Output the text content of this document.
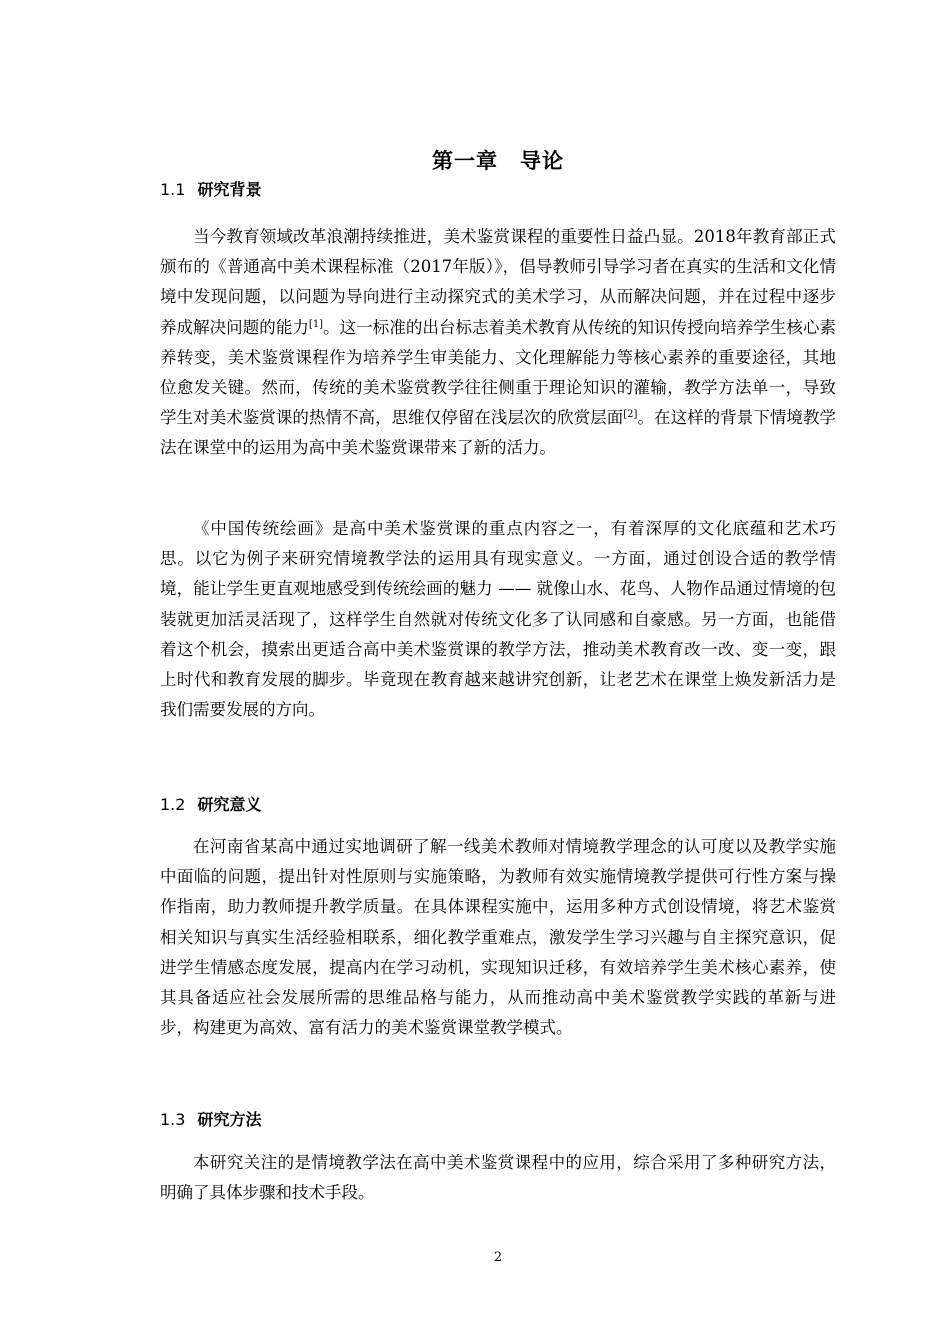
第一章　导论
1.1 研究背景

当今教育领域改革浪潮持续推进，美术鉴赏课程的重要性日益凸显。2018年教育部正式颁布的《普通高中美术课程标准（2017年版）》，倡导教师引导学习者在真实的生活和文化情境中发现问题，以问题为导向进行主动探究式的美术学习，从而解决问题，并在过程中逐步养成解决问题的能力[1]。这一标准的出台标志着美术教育从传统的知识传授向培养学生核心素养转变，美术鉴赏课程作为培养学生审美能力、文化理解能力等核心素养的重要途径，其地位愈发关键。然而，传统的美术鉴赏教学往往侧重于理论知识的灌输，教学方法单一，导致学生对美术鉴赏课的热情不高，思维仅停留在浅层次的欣赏层面[2]。在这样的背景下情境教学法在课堂中的运用为高中美术鉴赏课带来了新的活力。

《中国传统绘画》是高中美术鉴赏课的重点内容之一，有着深厚的文化底蕴和艺术巧思。以它为例子来研究情境教学法的运用具有现实意义。一方面，通过创设合适的教学情境，能让学生更直观地感受到传统绘画的魅力 —— 就像山水、花鸟、人物作品通过情境的包装就更加活灵活现了，这样学生自然就对传统文化多了认同感和自豪感。另一方面，也能借着这个机会，摸索出更适合高中美术鉴赏课的教学方法，推动美术教育改一改、变一变，跟上时代和教育发展的脚步。毕竟现在教育越来越讲究创新，让老艺术在课堂上焕发新活力是我们需要发展的方向。

1.2 研究意义

在河南省某高中通过实地调研了解一线美术教师对情境教学理念的认可度以及教学实施中面临的问题，提出针对性原则与实施策略，为教师有效实施情境教学提供可行性方案与操作指南，助力教师提升教学质量。在具体课程实施中，运用多种方式创设情境，将艺术鉴赏相关知识与真实生活经验相联系，细化教学重难点，激发学生学习兴趣与自主探究意识，促进学生情感态度发展，提高内在学习动机，实现知识迁移，有效培养学生美术核心素养，使其具备适应社会发展所需的思维品格与能力，从而推动高中美术鉴赏教学实践的革新与进步，构建更为高效、富有活力的美术鉴赏课堂教学模式。

1.3 研究方法

本研究关注的是情境教学法在高中美术鉴赏课程中的应用，综合采用了多种研究方法，明确了具体步骤和技术手段。

2
